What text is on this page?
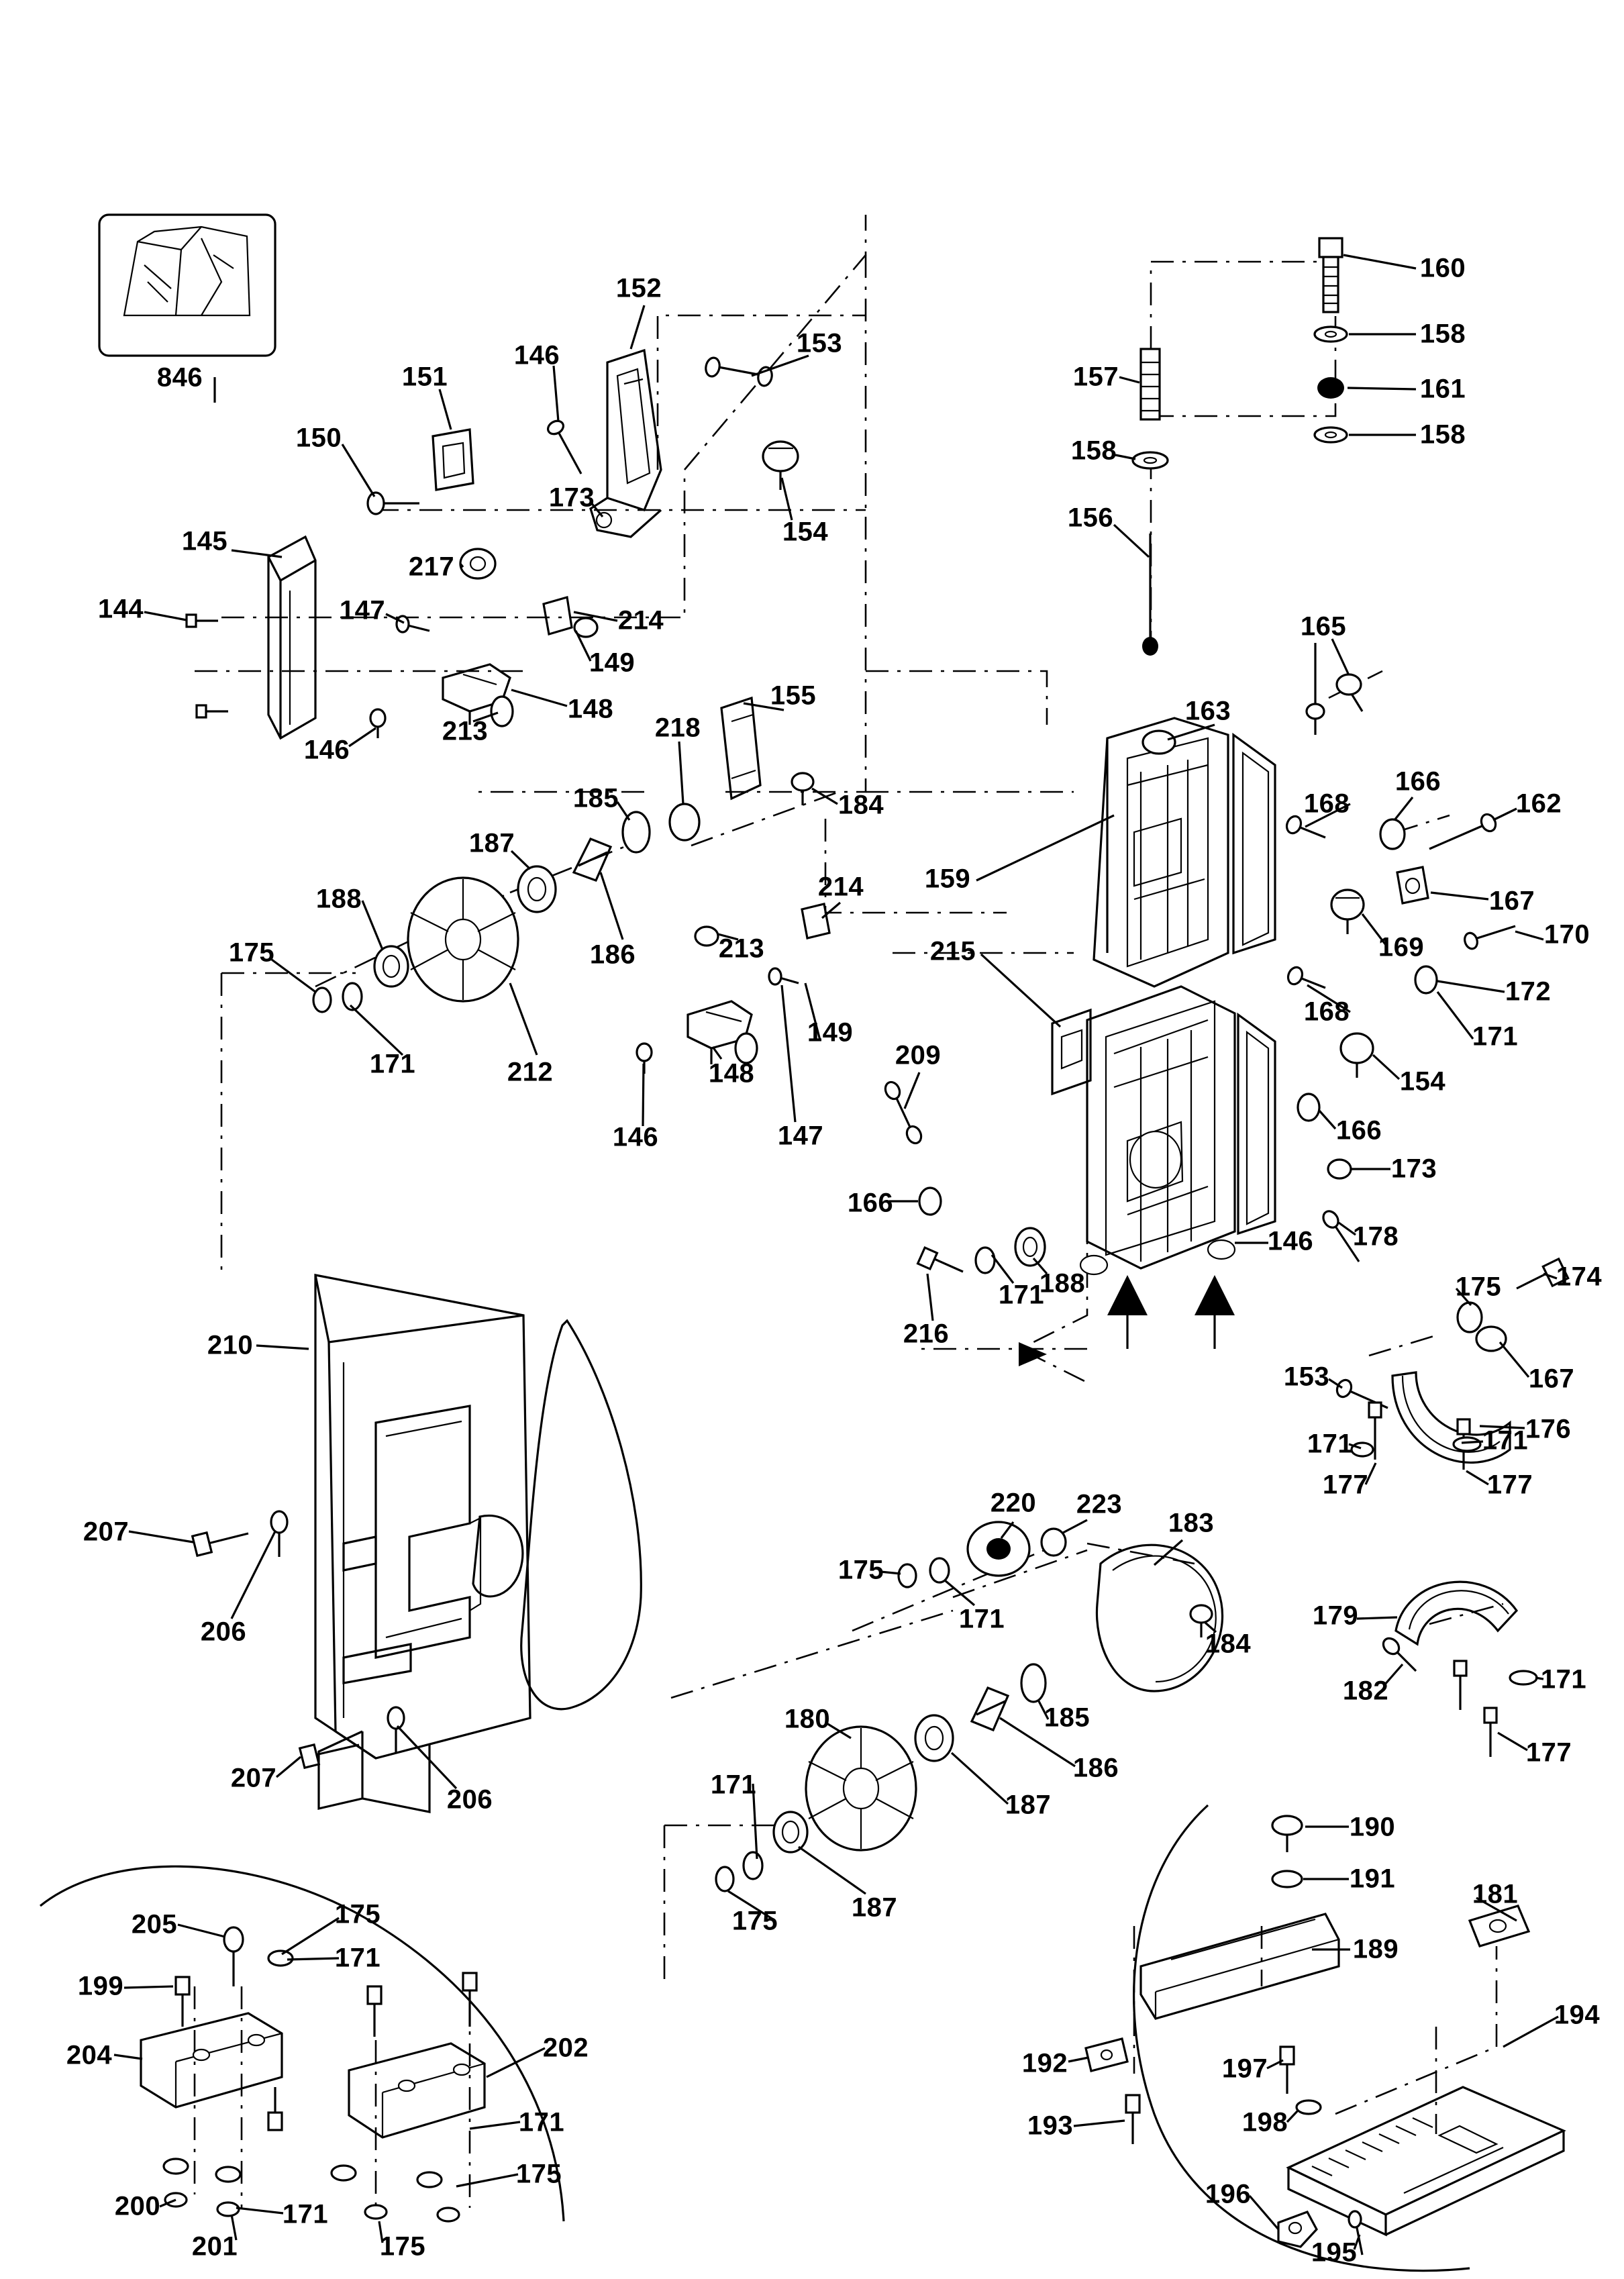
846
152
153
146
151
150
173
154
217
145
147	214
149
144
148
213
146
218
155
185	184
187
188
186	213
214
175
171	212	148
149
146	147
209
166
171
188
216
160
158
157	161
158
158
156
165
163
168
166
162
159
167
169	170
215
172
168
171
154
166
173
146 178
174
175
167
153
176
171	171
177	177
210
207
206
207
206
220 223
175
171
183
184
179
171
182
177
180	185
186
171
187
187
175
190
191
181
189
194
192	197
193	198
196
195
205	175
171
199
204	202
171
175
200	171
201	175
